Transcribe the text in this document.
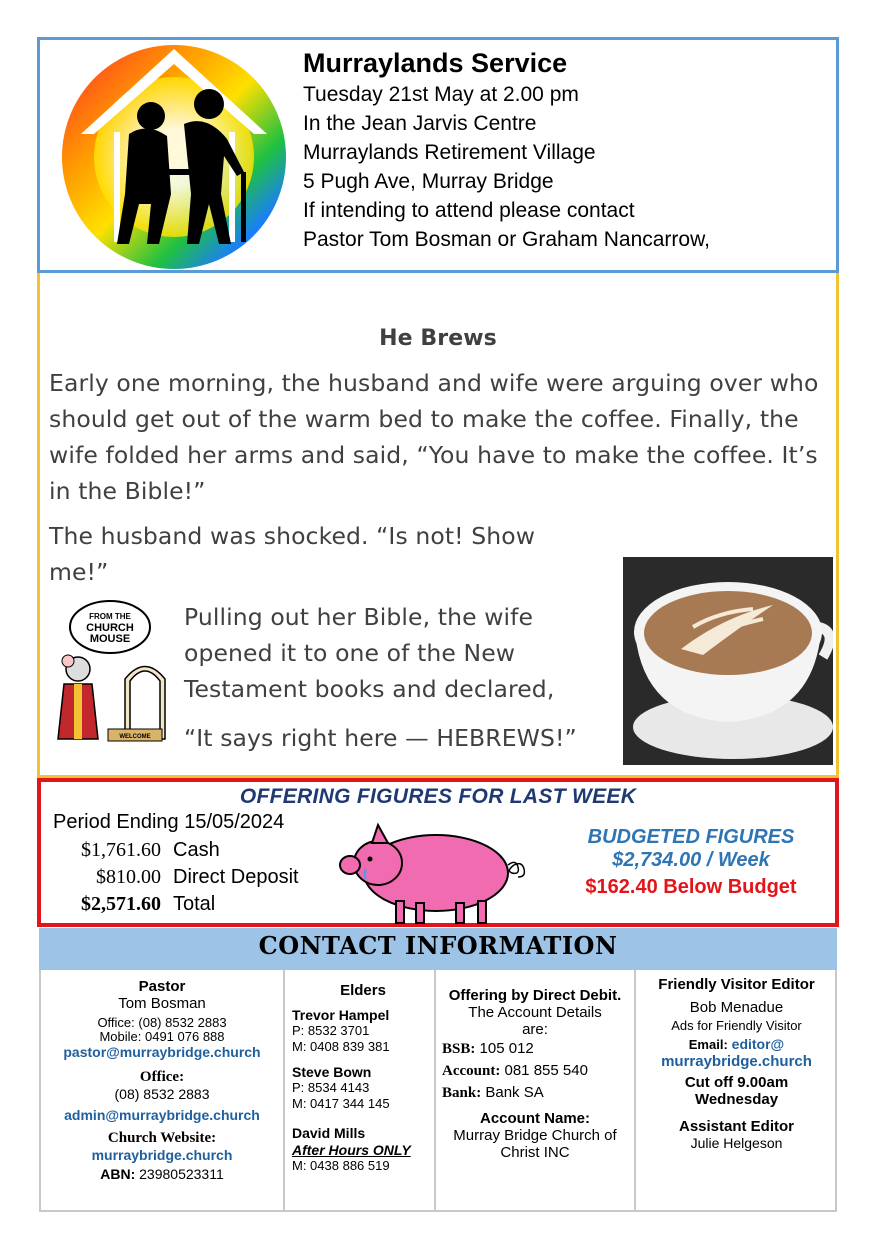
Murraylands Service
Tuesday 21st May at 2.00 pm
In the Jean Jarvis Centre
Murraylands Retirement Village
5 Pugh Ave, Murray Bridge
If intending to attend please contact
Pastor Tom Bosman or Graham Nancarrow,
He Brews
Early one morning, the husband and wife were arguing over who should get out of the warm bed to make the coffee. Finally, the wife folded her arms and said, “You have to make the coffee. It’s in the Bible!”
The husband was shocked. “Is not! Show me!”
FROM THE
CHURCH
MOUSE
WELCOME
Pulling out her Bible, the wife opened it to one of the New Testament books and declared,
“It says right here — HEBREWS!”
OFFERING FIGURES FOR LAST WEEK
Period Ending 15/05/2024
$1,761.60 Cash
$810.00 Direct Deposit
$2,571.60 Total
BUDGETED FIGURES
$2,734.00 / Week
$162.40 Below Budget
CONTACT INFORMATION
Pastor
Tom Bosman
Office: (08) 8532 2883
Mobile: 0491 076 888
pastor@murraybridge.church
Office:
(08) 8532 2883
admin@murraybridge.church
Church Website:
murraybridge.church
ABN: 23980523311
Elders
Trevor Hampel
P: 8532 3701
M: 0408 839 381
Steve Bown
P: 8534 4143
M: 0417 344 145
David Mills
After Hours ONLY
M: 0438 886 519
Offering by Direct Debit.
The Account Details are:
BSB: 105 012
Account: 081 855 540
Bank: Bank SA
Account Name:
Murray Bridge Church of Christ INC
Friendly Visitor Editor
Bob Menadue
Ads for Friendly Visitor
Email: editor@
murraybridge.church
Cut off 9.00am Wednesday
Assistant Editor
Julie Helgeson
